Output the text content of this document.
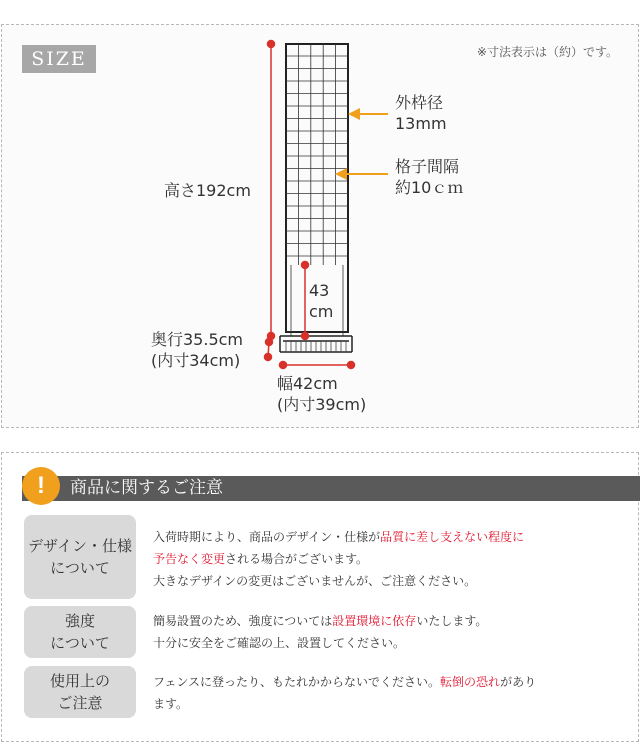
SIZE	※寸法表示は（約）です。
外枠径
13mm
格子間隔
約10ｃｍ
高さ192cm
43
cm
奥行35.5cm
(内寸34cm)
幅42cm
(内寸39cm)
!	商品に関するご注意
デザイン・仕様
について
入荷時期により、商品のデザイン・仕様が品質に差し支えない程度に
予告なく変更される場合がございます。
大きなデザインの変更はございませんが、ご注意ください。
強度
について
簡易設置のため、強度については設置環境に依存いたします。
十分に安全をご確認の上、設置してください。
使用上の
ご注意
フェンスに登ったり、もたれかからないでください。転倒の恐れがあり
ます。
